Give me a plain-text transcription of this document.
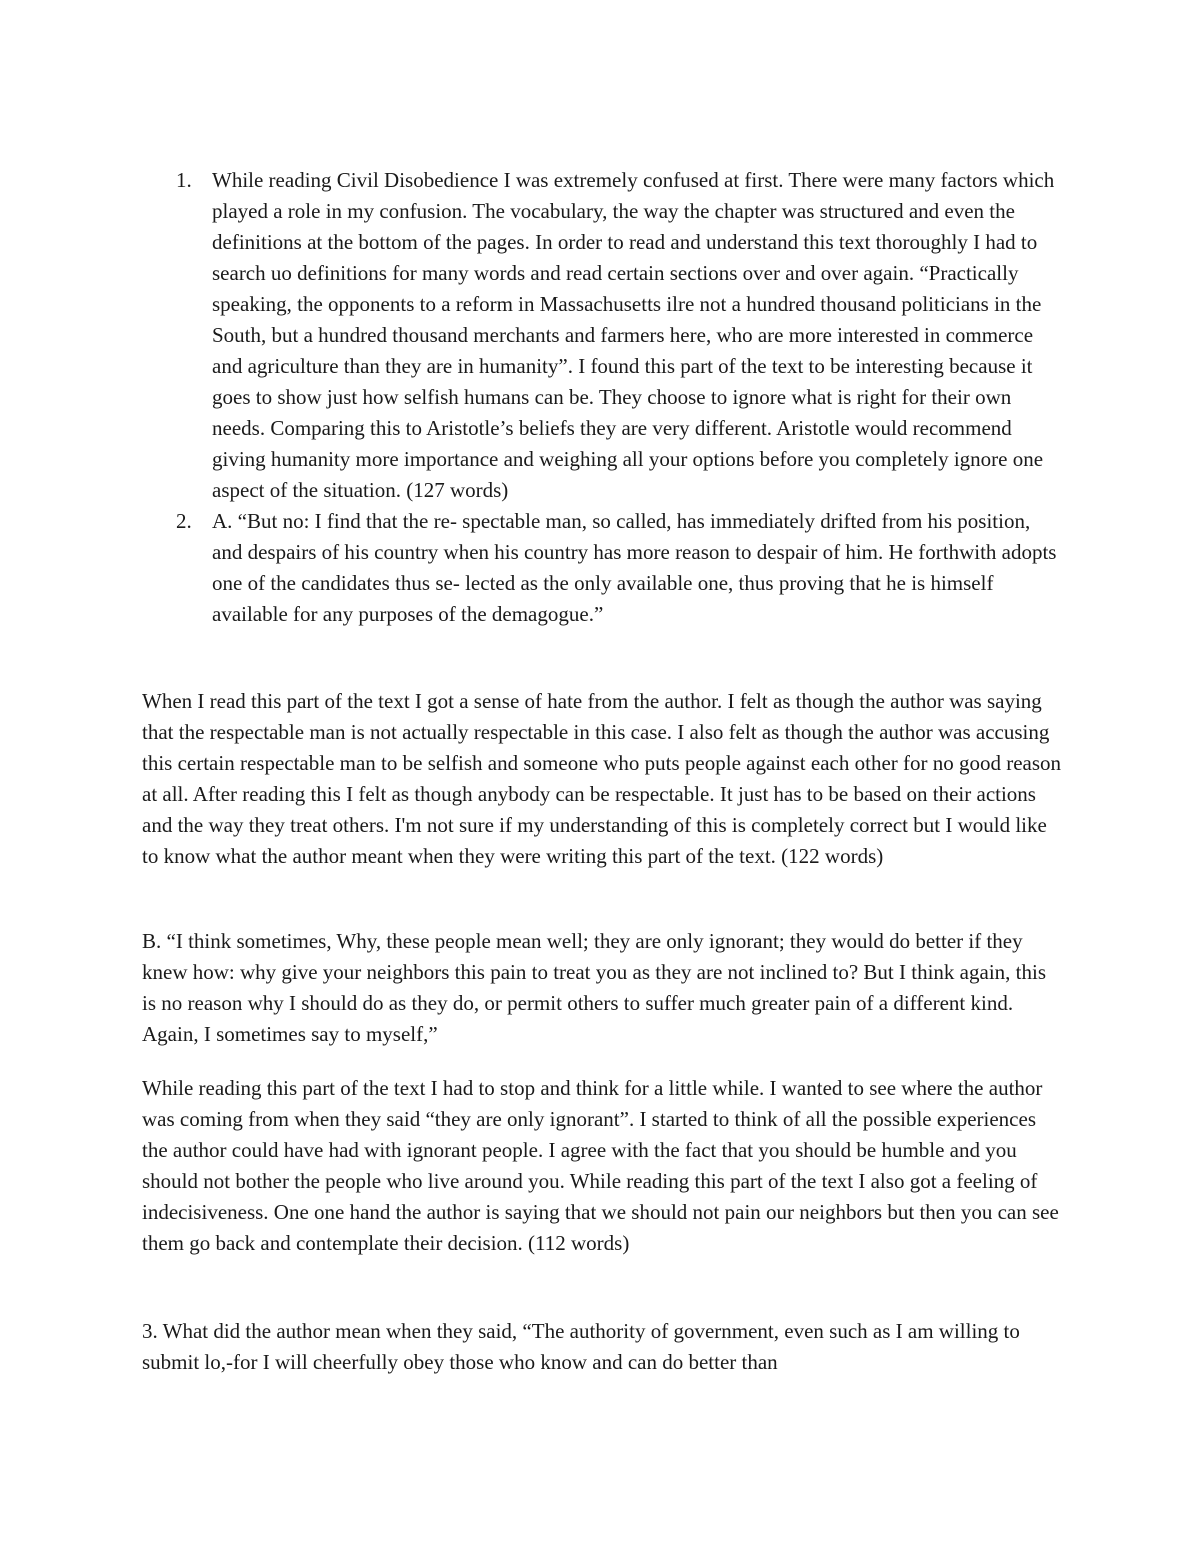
1. While reading Civil Disobedience I was extremely confused at first. There were many factors which played a role in my confusion. The vocabulary, the way the chapter was structured and even the definitions at the bottom of the pages. In order to read and understand this text thoroughly I had to search uo definitions for many words and read certain sections over and over again. “Practically speaking, the opponents to a reform in Massachusetts ilre not a hundred thousand politicians in the South, but a hundred thousand merchants and farmers here, who are more interested in commerce and agriculture than they are in humanity”. I found this part of the text to be interesting because it goes to show just how selfish humans can be. They choose to ignore what is right for their own needs. Comparing this to Aristotle’s beliefs they are very different. Aristotle would recommend giving humanity more importance and weighing all your options before you completely ignore one aspect of the situation. (127 words)
2. A. “But no: I find that the re- spectable man, so called, has immediately drifted from his position, and despairs of his country when his country has more reason to despair of him. He forthwith adopts one of the candidates thus se- lected as the only available one, thus proving that he is himself available for any purposes of the demagogue.”

When I read this part of the text I got a sense of hate from the author. I felt as though the author was saying that the respectable man is not actually respectable in this case. I also felt as though the author was accusing this certain respectable man to be selfish and someone who puts people against each other for no good reason at all. After reading this I felt as though anybody can be respectable. It just has to be based on their actions and the way they treat others. I'm not sure if my understanding of this is completely correct but I would like to know what the author meant when they were writing this part of the text. (122 words)

B. “I think sometimes, Why, these people mean well; they are only ignorant; they would do better if they knew how: why give your neighbors this pain to treat you as they are not inclined to? But I think again, this is no reason why I should do as they do, or permit others to suffer much greater pain of a different kind. Again, I sometimes say to myself,”

While reading this part of the text I had to stop and think for a little while. I wanted to see where the author was coming from when they said “they are only ignorant”. I started to think of all the possible experiences the author could have had with ignorant people. I agree with the fact that you should be humble and you should not bother the people who live around you. While reading this part of the text I also got a feeling of indecisiveness. One one hand the author is saying that we should not pain our neighbors but then you can see them go back and contemplate their decision. (112 words)

3. What did the author mean when they said, “The authority of government, even such as I am willing to submit lo,-for I will cheerfully obey those who know and can do better than
